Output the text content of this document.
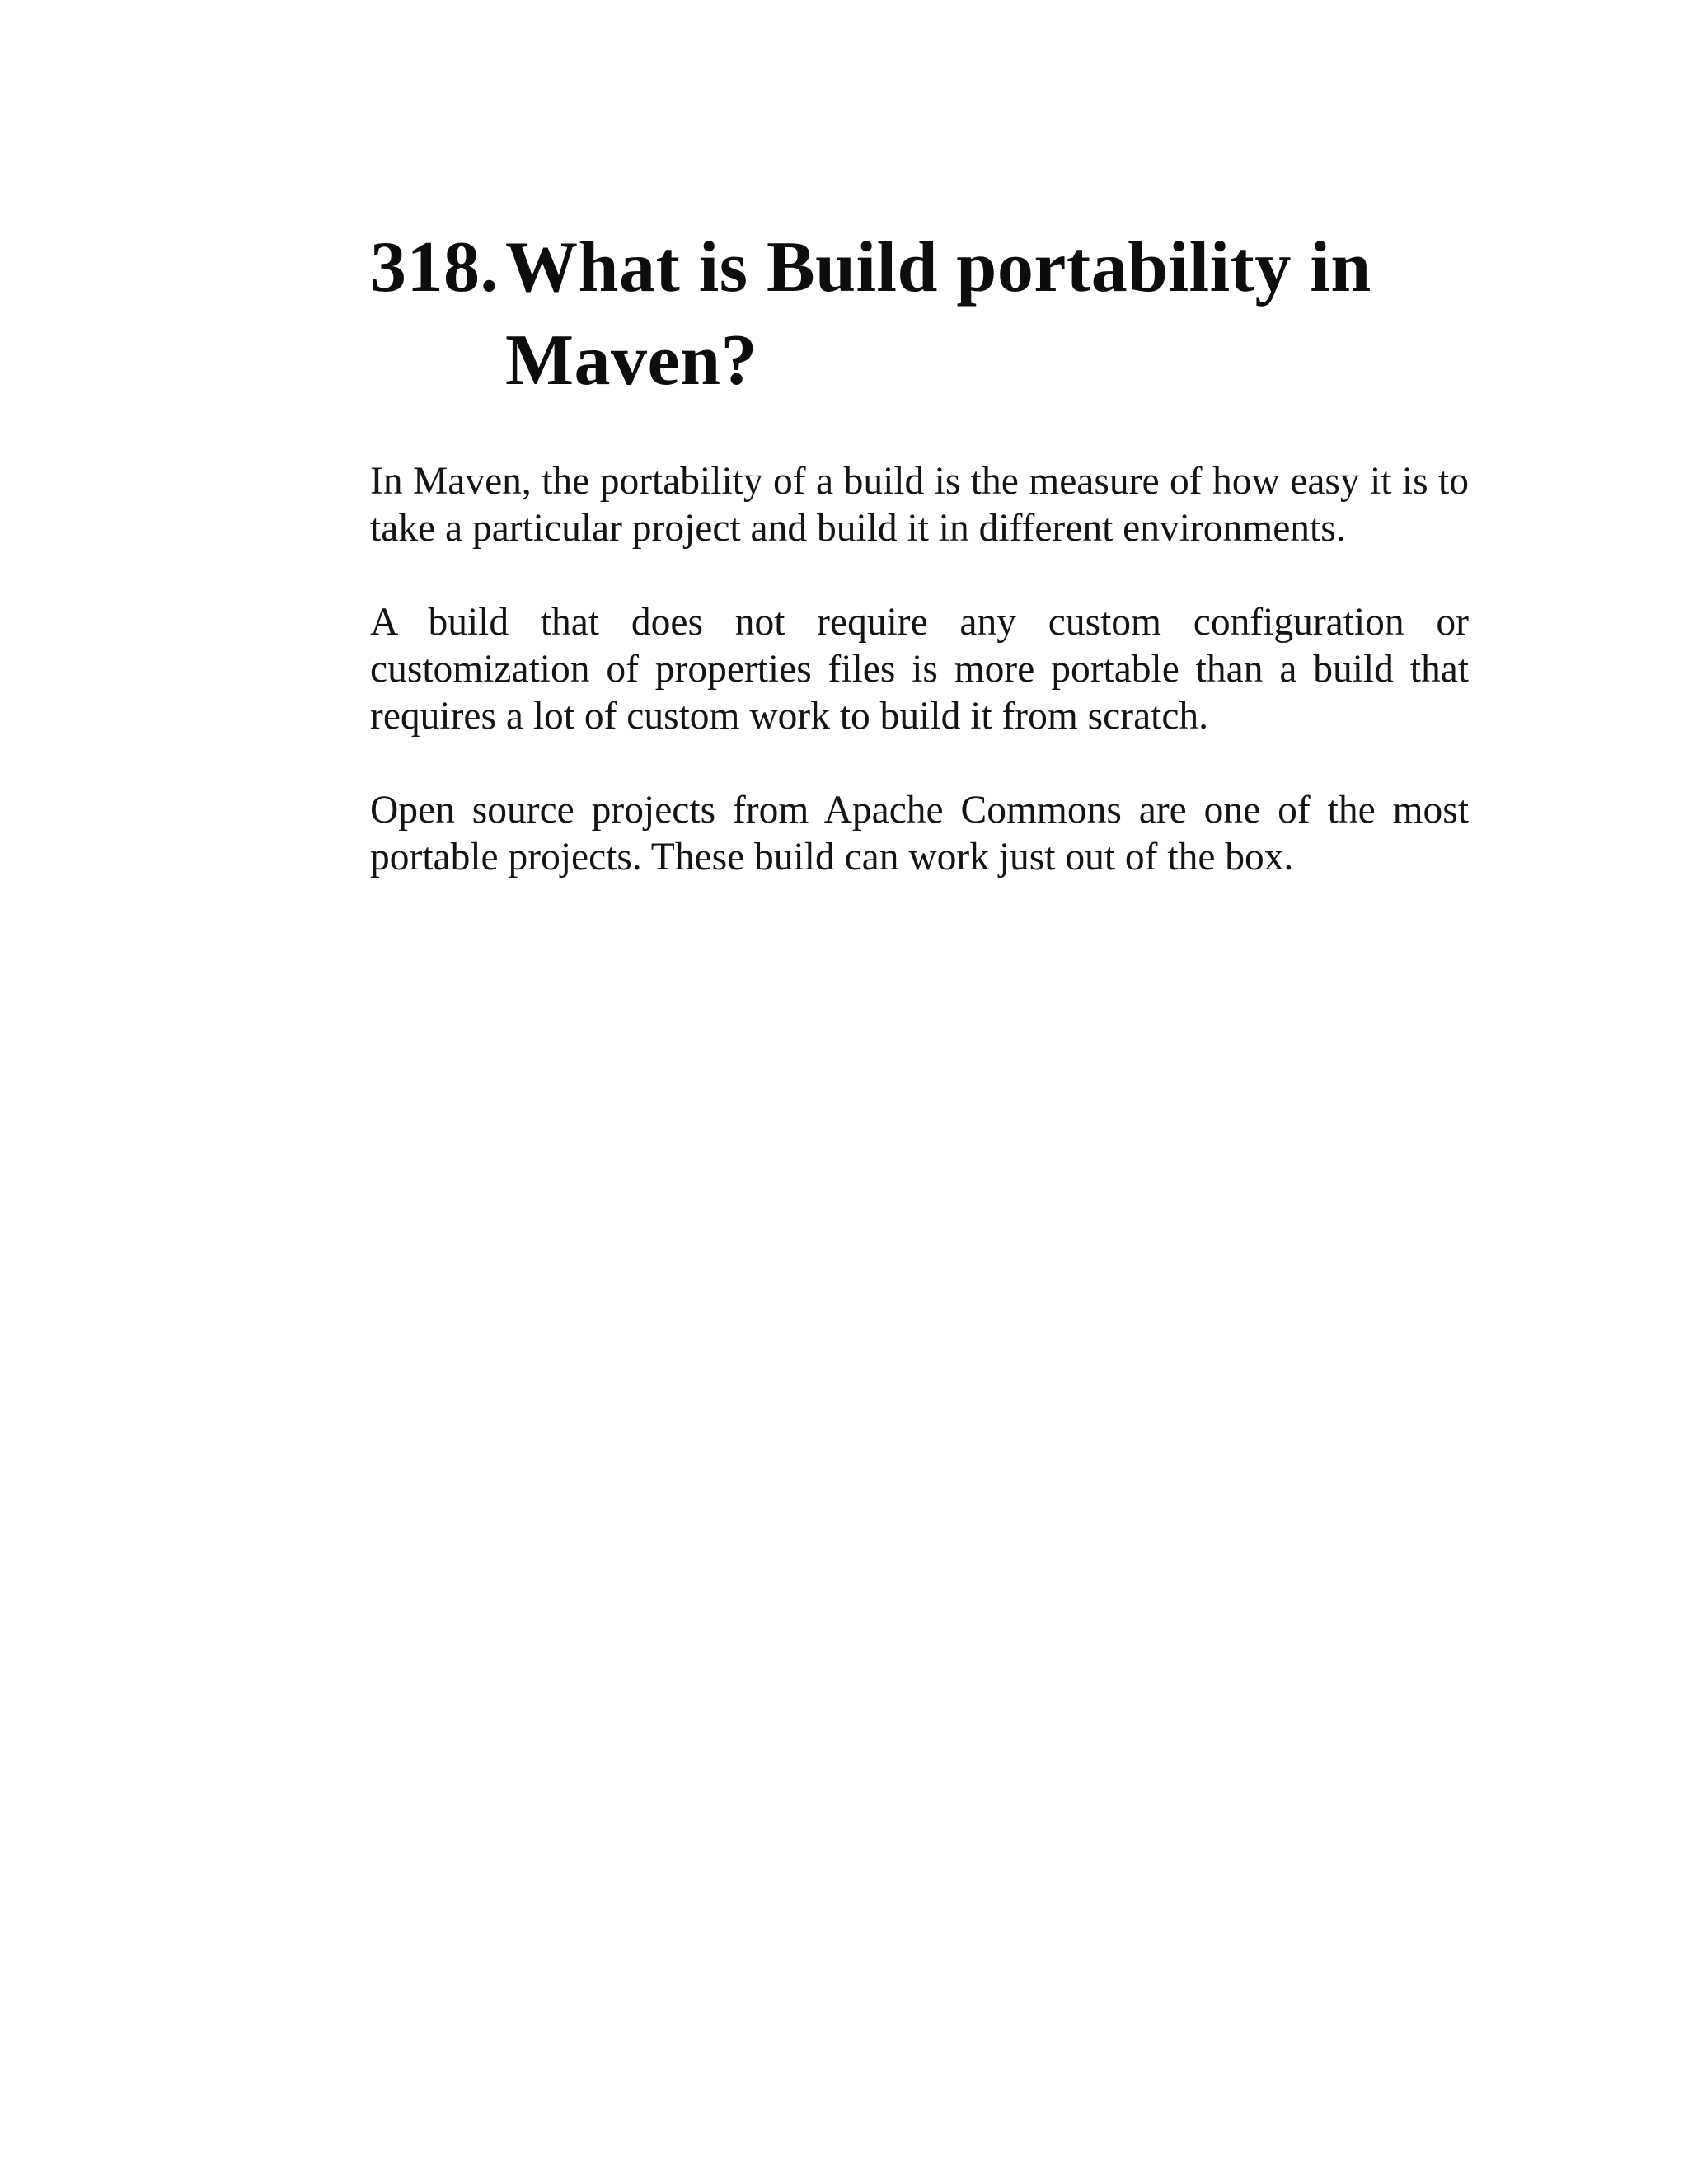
318. What is Build portability in Maven?

In Maven, the portability of a build is the measure of how easy it is to take a particular project and build it in different environments.

A build that does not require any custom configuration or customization of properties files is more portable than a build that requires a lot of custom work to build it from scratch.

Open source projects from Apache Commons are one of the most portable projects. These build can work just out of the box.
